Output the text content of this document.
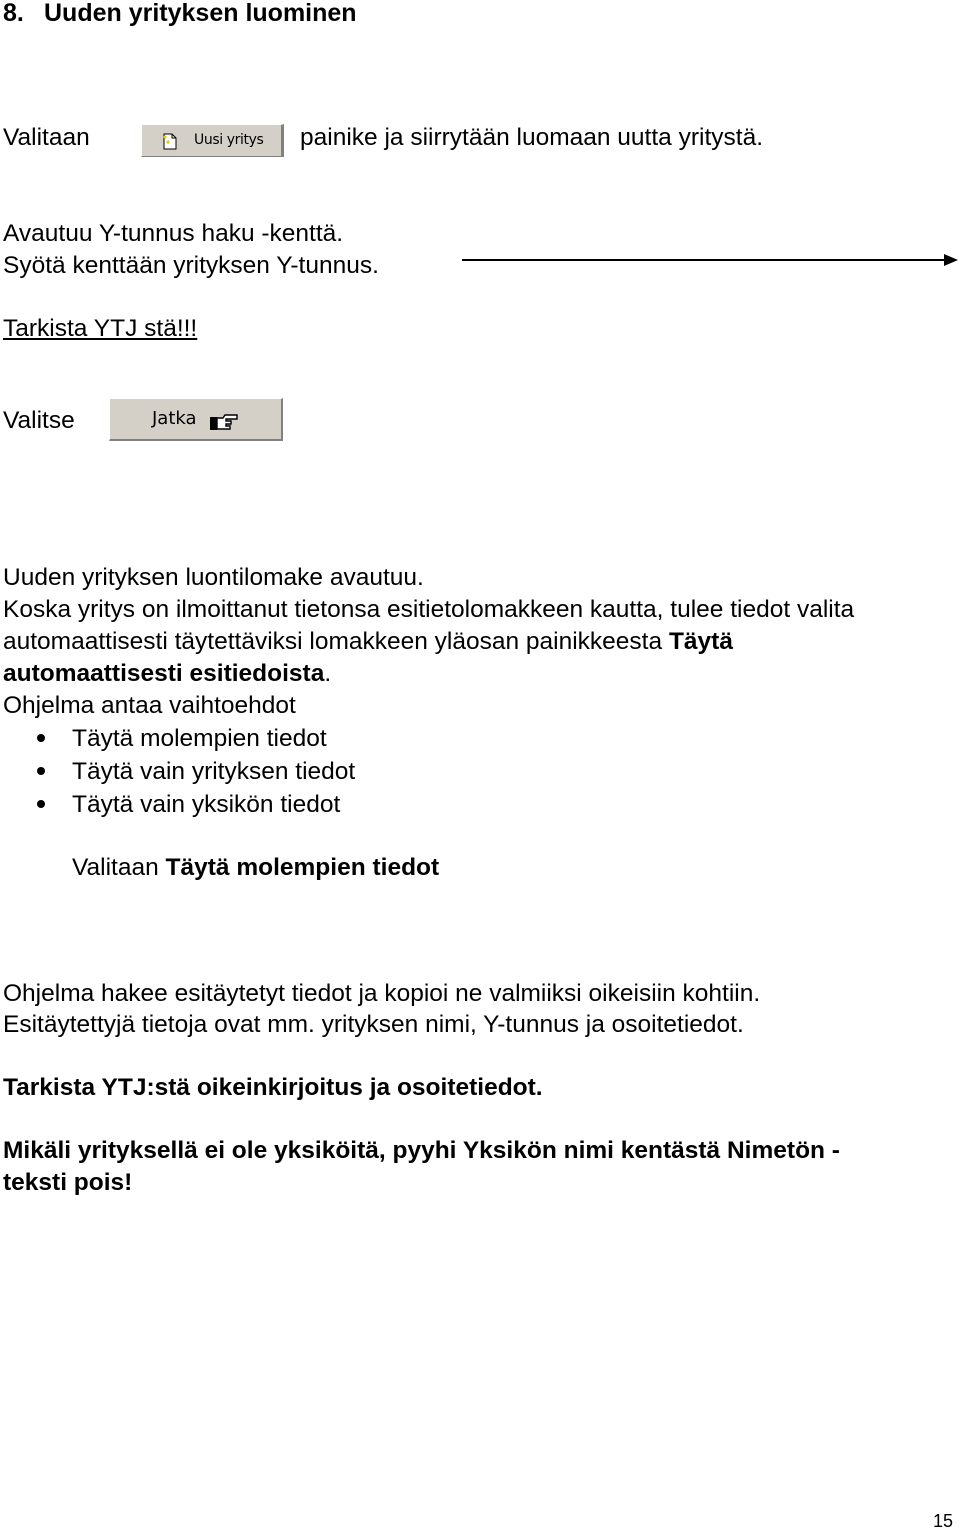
8. Uuden yrityksen luominen
Valitaan	Uusi yritys painike ja siirrytään luomaan uutta yritystä.
Avautuu Y-tunnus haku -kenttä.
Syötä kenttään yrityksen Y-tunnus.
Tarkista YTJ stä!!!
Valitse	Jatka
Uuden yrityksen luontilomake avautuu.
Koska yritys on ilmoittanut tietonsa esitietolomakkeen kautta, tulee tiedot valita
automaattisesti täytettäviksi lomakkeen yläosan painikkeesta Täytä
automaattisesti esitiedoista.
Ohjelma antaa vaihtoehdot
Täytä molempien tiedot
Täytä vain yrityksen tiedot
Täytä vain yksikön tiedot
Valitaan Täytä molempien tiedot
Ohjelma hakee esitäytetyt tiedot ja kopioi ne valmiiksi oikeisiin kohtiin.
Esitäytettyjä tietoja ovat mm. yrityksen nimi, Y-tunnus ja osoitetiedot.
Tarkista YTJ:stä oikeinkirjoitus ja osoitetiedot.
Mikäli yrityksellä ei ole yksiköitä, pyyhi Yksikön nimi kentästä Nimetön -
teksti pois!
15
